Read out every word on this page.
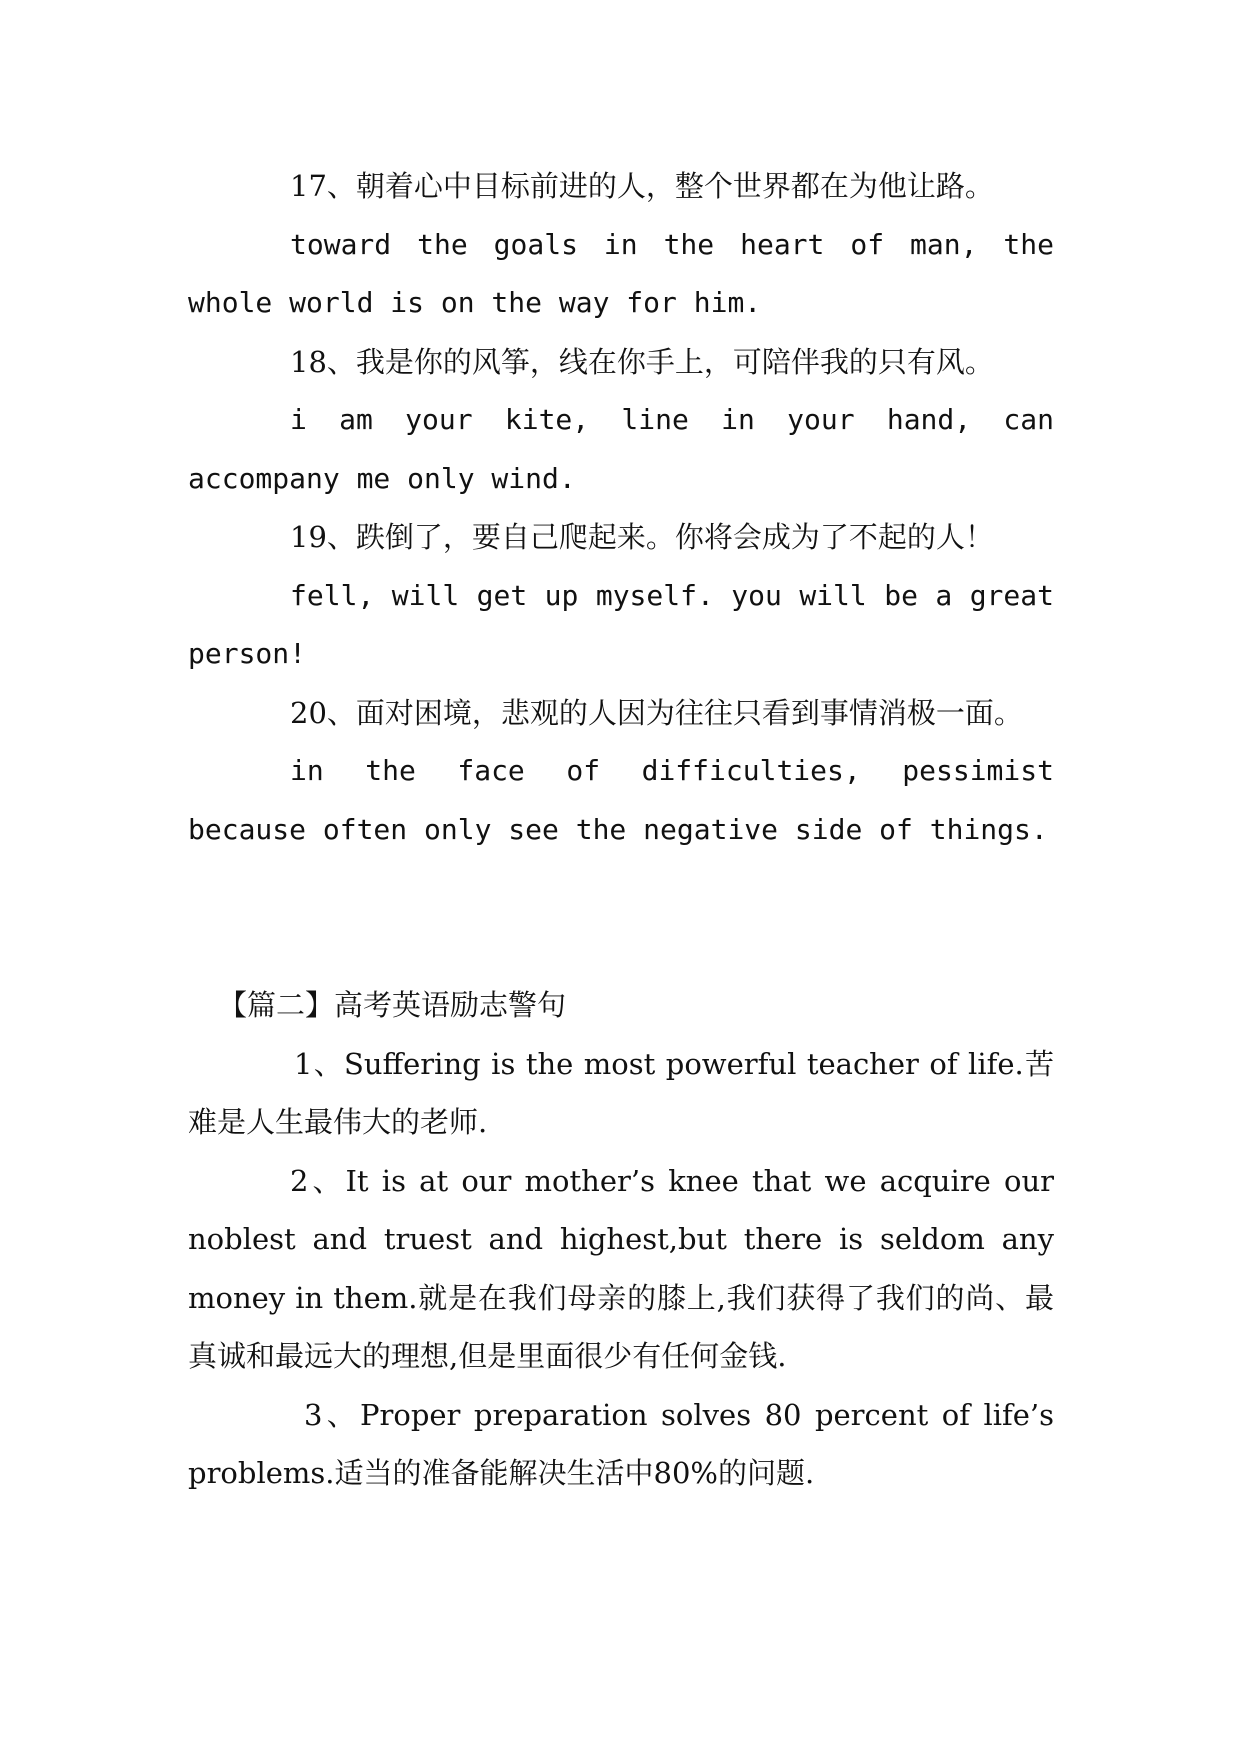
17、朝着心中目标前进的人，整个世界都在为他让路。

toward the goals in the heart of man, the whole world is on the way for him.

18、我是你的风筝，线在你手上，可陪伴我的只有风。

i am your kite, line in your hand, can accompany me only wind.

19、跌倒了，要自己爬起来。你将会成为了不起的人！

fell, will get up myself. you will be a great person!

20、面对困境，悲观的人因为往往只看到事情消极一面。

in the face of difficulties, pessimist because often only see the negative side of things.

【篇二】高考英语励志警句

1、Suffering is the most powerful teacher of life.苦难是人生最伟大的老师.

2、It is at our mother’s knee that we acquire our noblest and truest and highest,but there is seldom any money in them.就是在我们母亲的膝上,我们获得了我们的尚、最真诚和最远大的理想,但是里面很少有任何金钱.

3、Proper preparation solves 80 percent of life’s problems.适当的准备能解决生活中80%的问题.
